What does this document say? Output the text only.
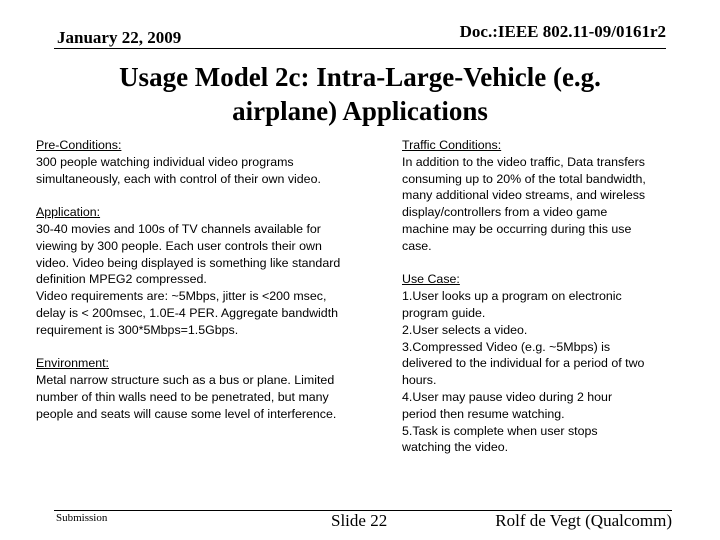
January 22, 2009	Doc.:IEEE 802.11-09/0161r2
Usage Model 2c: Intra-Large-Vehicle (e.g.
airplane) Applications
Pre-Conditions:
300 people watching individual video programs
simultaneously, each with control of their own video.
Application:
30-40 movies and 100s of TV channels available for
viewing by 300 people. Each user controls their own
video. Video being displayed is something like standard
definition MPEG2 compressed.
Video requirements are: ~5Mbps, jitter is <200 msec,
delay is < 200msec, 1.0E-4 PER. Aggregate bandwidth
requirement is 300*5Mbps=1.5Gbps.
Environment:
Metal narrow structure such as a bus or plane. Limited
number of thin walls need to be penetrated, but many
people and seats will cause some level of interference.
Traffic Conditions:
In addition to the video traffic, Data transfers
consuming up to 20% of the total bandwidth,
many additional video streams, and wireless
display/controllers from a video game
machine may be occurring during this use
case.
Use Case:
1.User looks up a program on electronic
program guide.
2.User selects a video.
3.Compressed Video (e.g. ~5Mbps) is
delivered to the individual for a period of two
hours.
4.User may pause video during 2 hour
period then resume watching.
5.Task is complete when user stops
watching the video.
Submission	Slide 22	Rolf de Vegt (Qualcomm)
